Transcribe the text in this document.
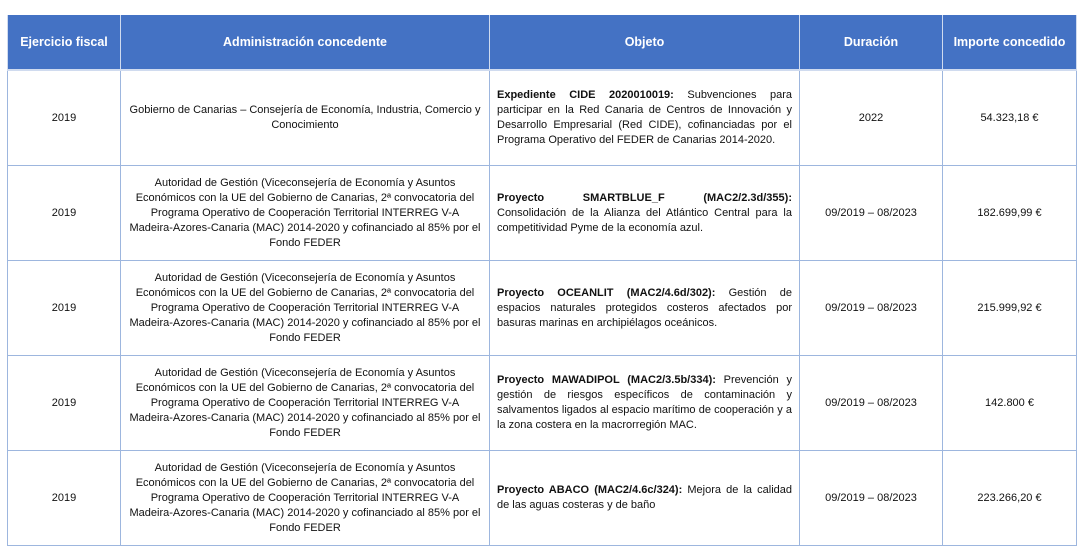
Ejercicio fiscal	Administración concedente	Objeto	Duración	Importe concedido
2019	Gobierno de Canarias – Consejería de Economía, Industria, Comercio y Conocimiento	Expediente CIDE 2020010019: Subvenciones para participar en la Red Canaria de Centros de Innovación y Desarrollo Empresarial (Red CIDE), cofinanciadas por el Programa Operativo del FEDER de Canarias 2014-2020.	2022	54.323,18 €
2019	Autoridad de Gestión (Viceconsejería de Economía y Asuntos Económicos con la UE del Gobierno de Canarias, 2ª convocatoria del Programa Operativo de Cooperación Territorial INTERREG V-A Madeira-Azores-Canaria (MAC) 2014-2020 y cofinanciado al 85% por el Fondo FEDER	Proyecto SMARTBLUE_F (MAC2/2.3d/355): Consolidación de la Alianza del Atlántico Central para la competitividad Pyme de la economía azul.	09/2019 – 08/2023	182.699,99 €
2019	Autoridad de Gestión (Viceconsejería de Economía y Asuntos Económicos con la UE del Gobierno de Canarias, 2ª convocatoria del Programa Operativo de Cooperación Territorial INTERREG V-A Madeira-Azores-Canaria (MAC) 2014-2020 y cofinanciado al 85% por el Fondo FEDER	Proyecto OCEANLIT (MAC2/4.6d/302): Gestión de espacios naturales protegidos costeros afectados por basuras marinas en archipiélagos oceánicos.	09/2019 – 08/2023	215.999,92 €
2019	Autoridad de Gestión (Viceconsejería de Economía y Asuntos Económicos con la UE del Gobierno de Canarias, 2ª convocatoria del Programa Operativo de Cooperación Territorial INTERREG V-A Madeira-Azores-Canaria (MAC) 2014-2020 y cofinanciado al 85% por el Fondo FEDER	Proyecto MAWADIPOL (MAC2/3.5b/334): Prevención y gestión de riesgos específicos de contaminación y salvamentos ligados al espacio marítimo de cooperación y a la zona costera en la macrorregión MAC.	09/2019 – 08/2023	142.800 €
2019	Autoridad de Gestión (Viceconsejería de Economía y Asuntos Económicos con la UE del Gobierno de Canarias, 2ª convocatoria del Programa Operativo de Cooperación Territorial INTERREG V-A Madeira-Azores-Canaria (MAC) 2014-2020 y cofinanciado al 85% por el Fondo FEDER	Proyecto ABACO (MAC2/4.6c/324): Mejora de la calidad de las aguas costeras y de baño	09/2019 – 08/2023	223.266,20 €
